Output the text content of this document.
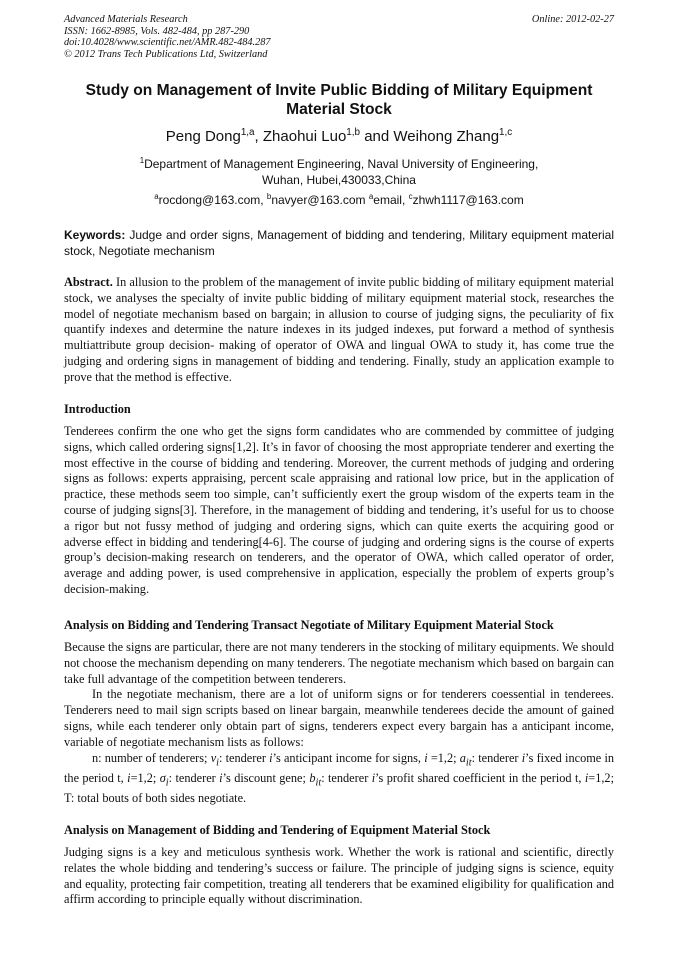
Advanced Materials Research
ISSN: 1662-8985, Vols. 482-484, pp 287-290
doi:10.4028/www.scientific.net/AMR.482-484.287
© 2012 Trans Tech Publications Ltd, Switzerland
Online: 2012-02-27
Study on Management of Invite Public Bidding of Military Equipment Material Stock
Peng Dong$^{1,a}$, Zhaohui Luo$^{1,b}$ and Weihong Zhang$^{1,c}$
$^1$Department of Management Engineering, Naval University of Engineering,
Wuhan, Hubei,430033,China
$^a$rocdong@163.com, $^b$navyer@163.com $^a$email, $^c$zhwh1117@163.com
Keywords: Judge and order signs, Management of bidding and tendering, Military equipment material stock, Negotiate mechanism
Abstract. In allusion to the problem of the management of invite public bidding of military equipment material stock, we analyses the specialty of invite public bidding of military equipment material stock, researches the model of negotiate mechanism based on bargain; in allusion to course of judging signs, the peculiarity of fix quantify indexes and determine the nature indexes in its judged indexes, put forward a method of synthesis multiattribute group decision- making of operator of OWA and lingual OWA to study it, has come true the judging and ordering signs in management of bidding and tendering. Finally, study an application example to prove that the method is effective.
Introduction
Tenderees confirm the one who get the signs form candidates who are commended by committee of judging signs, which called ordering signs[1,2]. It’s in favor of choosing the most appropriate tenderer and exerting the most effective in the course of bidding and tendering. Moreover, the current methods of judging and ordering signs as follows: experts appraising, percent scale appraising and rational low price, but in the application of practice, these methods seem too simple, can’t sufficiently exert the group wisdom of the experts team in the course of judging signs[3]. Therefore, in the management of bidding and tendering, it’s useful for us to choose a rigor but not fussy method of judging and ordering signs, which can quite exerts the acquiring good or adverse effect in bidding and tendering[4-6]. The course of judging and ordering signs is the course of experts group’s decision-making research on tenderers, and the operator of OWA, which called operator of order, average and adding power, is used comprehensive in application, especially the problem of experts group’s decision-making.
Analysis on Bidding and Tendering Transact Negotiate of Military Equipment Material Stock
Because the signs are particular, there are not many tenderers in the stocking of military equipments. We should not choose the mechanism depending on many tenderers. The negotiate mechanism which based on bargain can take full advantage of the competition between tenderers.
In the negotiate mechanism, there are a lot of uniform signs or for tenderers coessential in tenderees. Tenderers need to mail sign scripts based on linear bargain, meanwhile tenderees decide the amount of gained signs, while each tenderer only obtain part of signs, tenderers expect every bargain has a anticipant income, variable of negotiate mechanism lists as follows:
n: number of tenderers; $v_i$: tenderer i’s anticipant income for signs, i =1,2; $a_{it}$: tenderer i’s fixed income in the period t, i=1,2; $\sigma_i$: tenderer i’s discount gene; $b_{it}$: tenderer i’s profit shared coefficient in the period t, i=1,2; T: total bouts of both sides negotiate.
Analysis on Management of Bidding and Tendering of Equipment Material Stock
Judging signs is a key and meticulous synthesis work. Whether the work is rational and scientific, directly relates the whole bidding and tendering’s success or failure. The principle of judging signs is science, equity and equality, protecting fair competition, treating all tenderers that be examined eligibility for qualification and affirm according to principle equally without discrimination.
